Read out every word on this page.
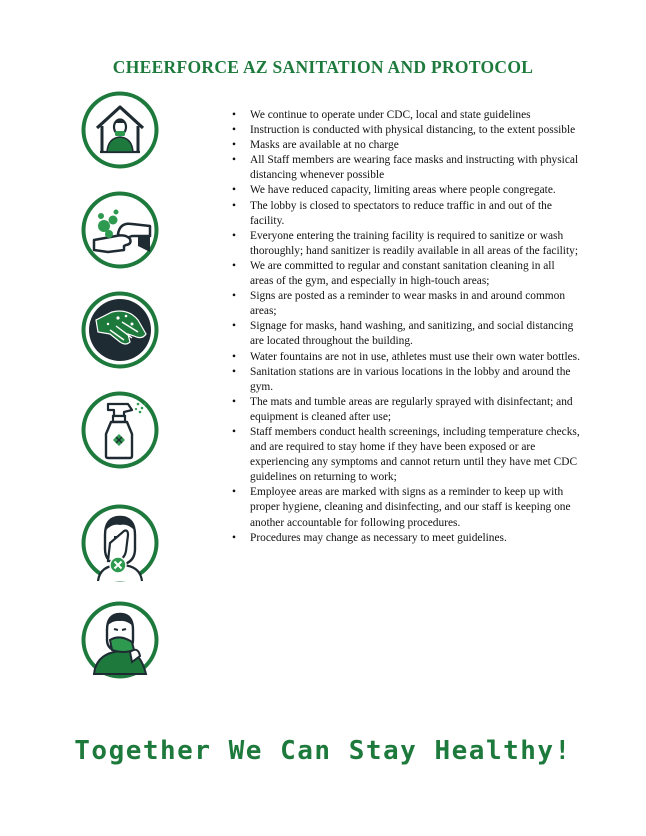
CHEERFORCE AZ SANITATION AND PROTOCOL
• We continue to operate under CDC, local and state guidelines
• Instruction is conducted with physical distancing, to the extent possible
• Masks are available at no charge
• All Staff members are wearing face masks and instructing with physical distancing whenever possible
• We have reduced capacity, limiting areas where people congregate.
• The lobby is closed to spectators to reduce traffic in and out of the facility.
• Everyone entering the training facility is required to sanitize or wash thoroughly; hand sanitizer is readily available in all areas of the facility;
• We are committed to regular and constant sanitation cleaning in all areas of the gym, and especially in high-touch areas;
• Signs are posted as a reminder to wear masks in and around common areas;
• Signage for masks, hand washing, and sanitizing, and social distancing are located throughout the building.
• Water fountains are not in use, athletes must use their own water bottles.
• Sanitation stations are in various locations in the lobby and around the gym.
• The mats and tumble areas are regularly sprayed with disinfectant; and equipment is cleaned after use;
• Staff members conduct health screenings, including temperature checks, and are required to stay home if they have been exposed or are experiencing any symptoms and cannot return until they have met CDC guidelines on returning to work;
• Employee areas are marked with signs as a reminder to keep up with proper hygiene, cleaning and disinfecting, and our staff is keeping one another accountable for following procedures.
• Procedures may change as necessary to meet guidelines.
Together We Can Stay Healthy!
